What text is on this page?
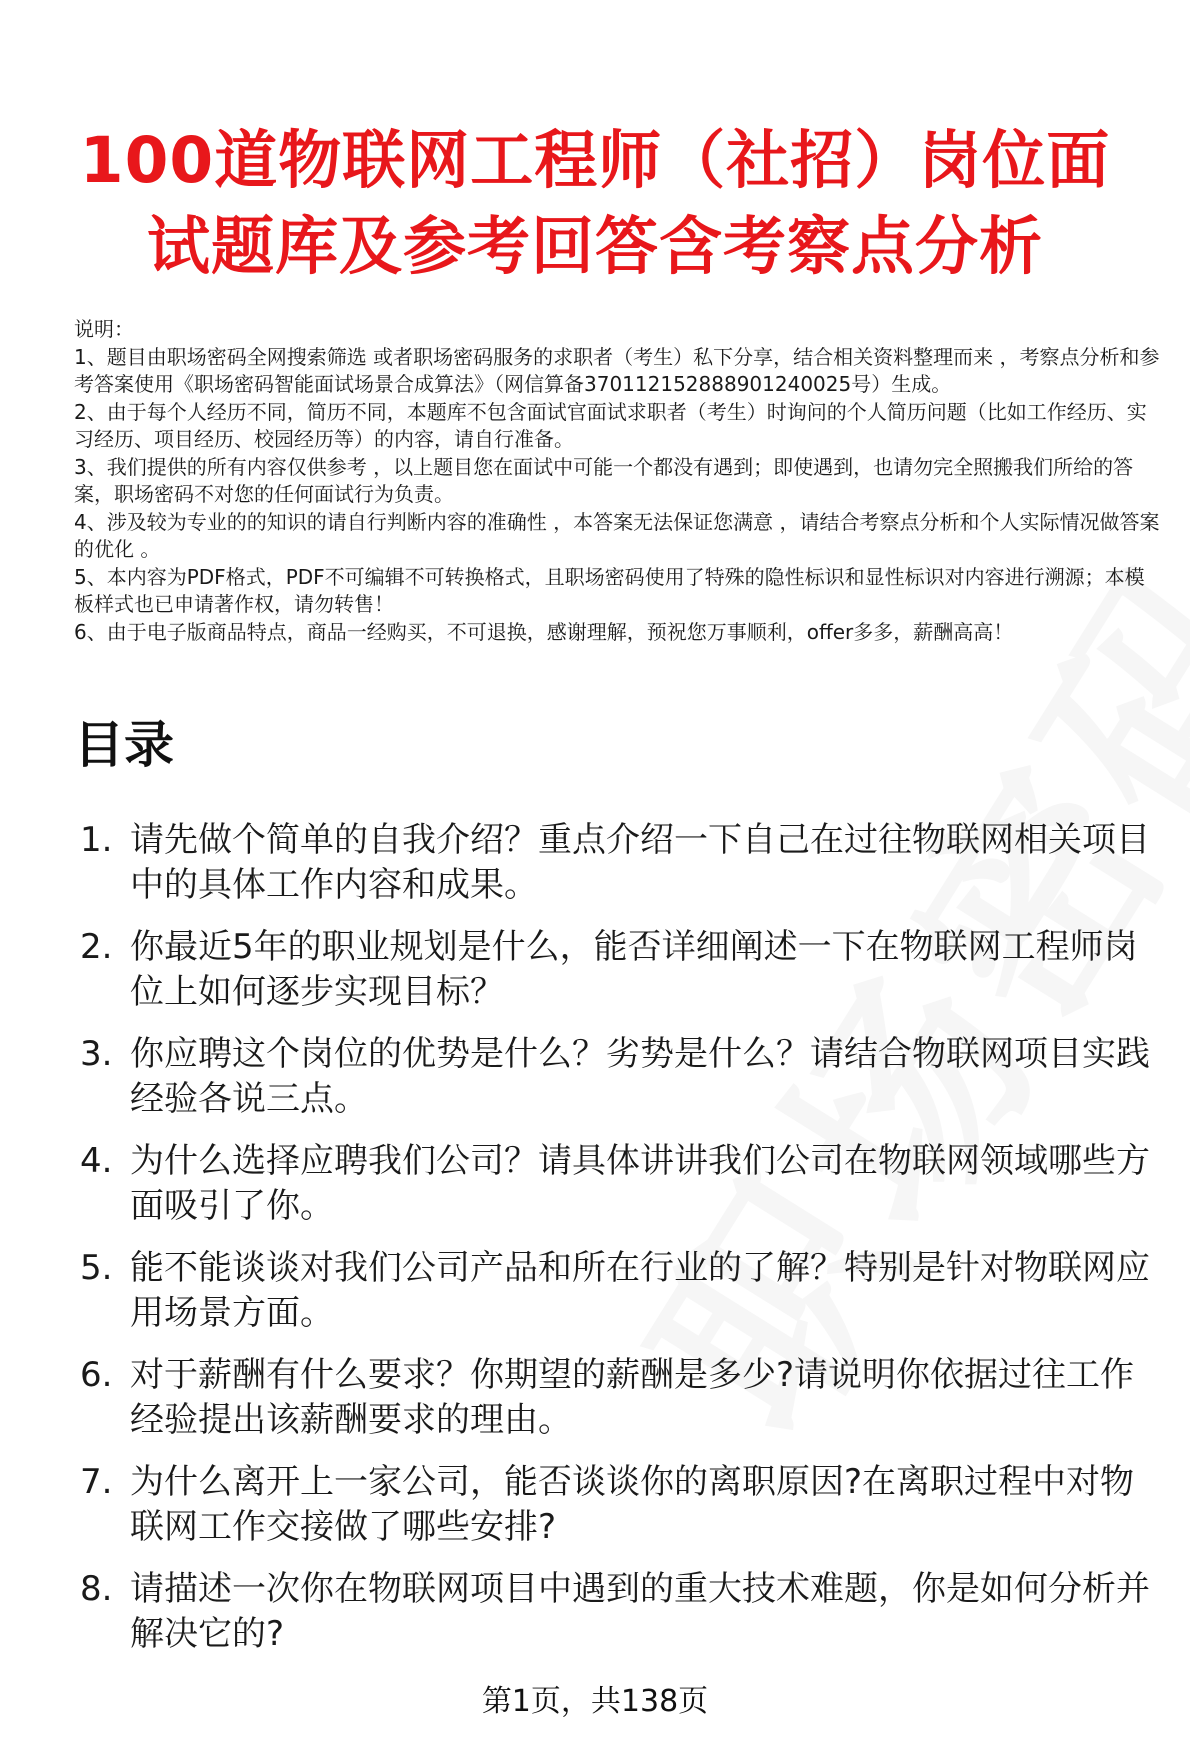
100道物联网工程师（社招）岗位面
试题库及参考回答含考察点分析

说明：

1、题目由职场密码全网搜索筛选 或者职场密码服务的求职者（考生）私下分享，结合相关资料整理而来 ，考察点分析和参考答案使用《职场密码智能面试场景合成算法》（网信算备370112152888901240025号）生成。

2、由于每个人经历不同，简历不同，本题库不包含面试官面试求职者（考生）时询问的个人简历问题（比如工作经历、实习经历、项目经历、校园经历等）的内容，请自行准备。

3、我们提供的所有内容仅供参考 ，以上题目您在面试中可能一个都没有遇到；即使遇到，也请勿完全照搬我们所给的答案，职场密码不对您的任何面试行为负责。

4、涉及较为专业的的知识的请自行判断内容的准确性 ，本答案无法保证您满意 ，请结合考察点分析和个人实际情况做答案的优化 。

5、本内容为PDF格式，PDF不可编辑不可转换格式，且职场密码使用了特殊的隐性标识和显性标识对内容进行溯源；本模板样式也已申请著作权，请勿转售！

6、由于电子版商品特点，商品一经购买，不可退换，感谢理解，预祝您万事顺利，offer多多，薪酬高高！

目录
1. 请先做个简单的自我介绍？重点介绍一下自己在过往物联网相关项目中的具体工作内容和成果。
2. 你最近5年的职业规划是什么，能否详细阐述一下在物联网工程师岗位上如何逐步实现目标？
3. 你应聘这个岗位的优势是什么？劣势是什么？请结合物联网项目实践经验各说三点。
4. 为什么选择应聘我们公司？请具体讲讲我们公司在物联网领域哪些方面吸引了你。
5. 能不能谈谈对我们公司产品和所在行业的了解？特别是针对物联网应用场景方面。
6. 对于薪酬有什么要求？你期望的薪酬是多少?请说明你依据过往工作经验提出该薪酬要求的理由。
7. 为什么离开上一家公司，能否谈谈你的离职原因?在离职过程中对物联网工作交接做了哪些安排?
8. 请描述一次你在物联网项目中遇到的重大技术难题，你是如何分析并解决它的?
第1页，共138页
